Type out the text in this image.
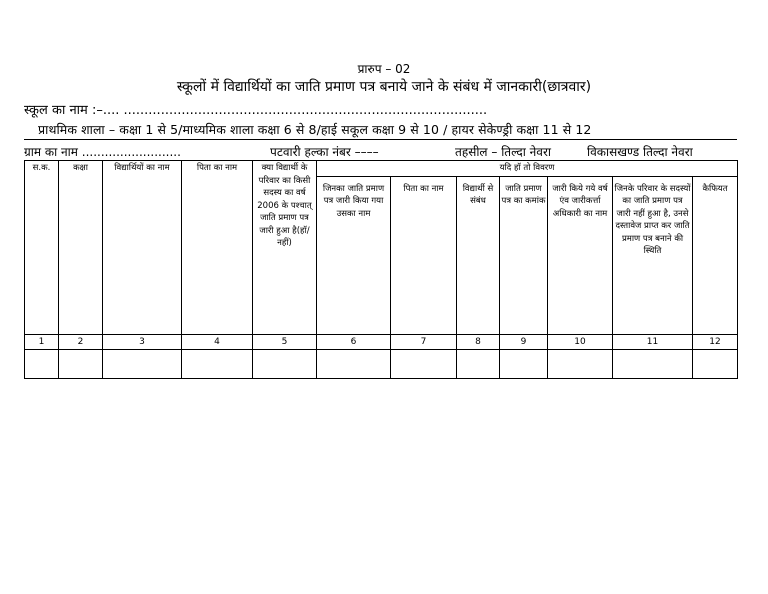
प्रारुप – 02
स्कूलों में विद्यार्थियों का जाति प्रमाण पत्र बनाये जाने के संबंध में जानकारी(छात्रवार)
स्कूल का नाम :–.... ........................................................................................
प्राथमिक शाला – कक्षा 1 से 5/माध्यमिक शाला कक्षा 6 से 8/हाई सकूल कक्षा 9 से 10 / हायर सेकेण्ड्री कक्षा 11 से 12
ग्राम का नाम ..........................	पटवारी हल्का नंबर ––––	तहसील – तिल्दा नेवरा	विकासखण्ड तिल्दा नेवरा
स.क.	कक्षा	विद्यार्थियों का नाम	पिता का नाम	क्या विद्यार्थी के परिवार का किसी सदस्य का वर्ष 2006 के पश्चात् जाति प्रमाण पत्र जारी हुआ है(हॉ/नहीं)	यदि हॉ तो विवरण						
					जिनका जाति प्रमाण पत्र जारी किया गया उसका नाम	पिता का नाम	विद्यार्थी से संबंध	जाति प्रमाण पत्र का कमांक	जारी किये गये वर्ष एंव जारीकर्त्ता अधिकारी का नाम	जिनके परिवार के सदस्यों का जाति प्रमाण पत्र जारी नहीं हुआ है, उनसे दस्तावेज प्राप्त कर जाति प्रमाण पत्र बनाने की स्थिति	कैफियत
1	2	3	4	5	6	7	8	9	10	11	12
